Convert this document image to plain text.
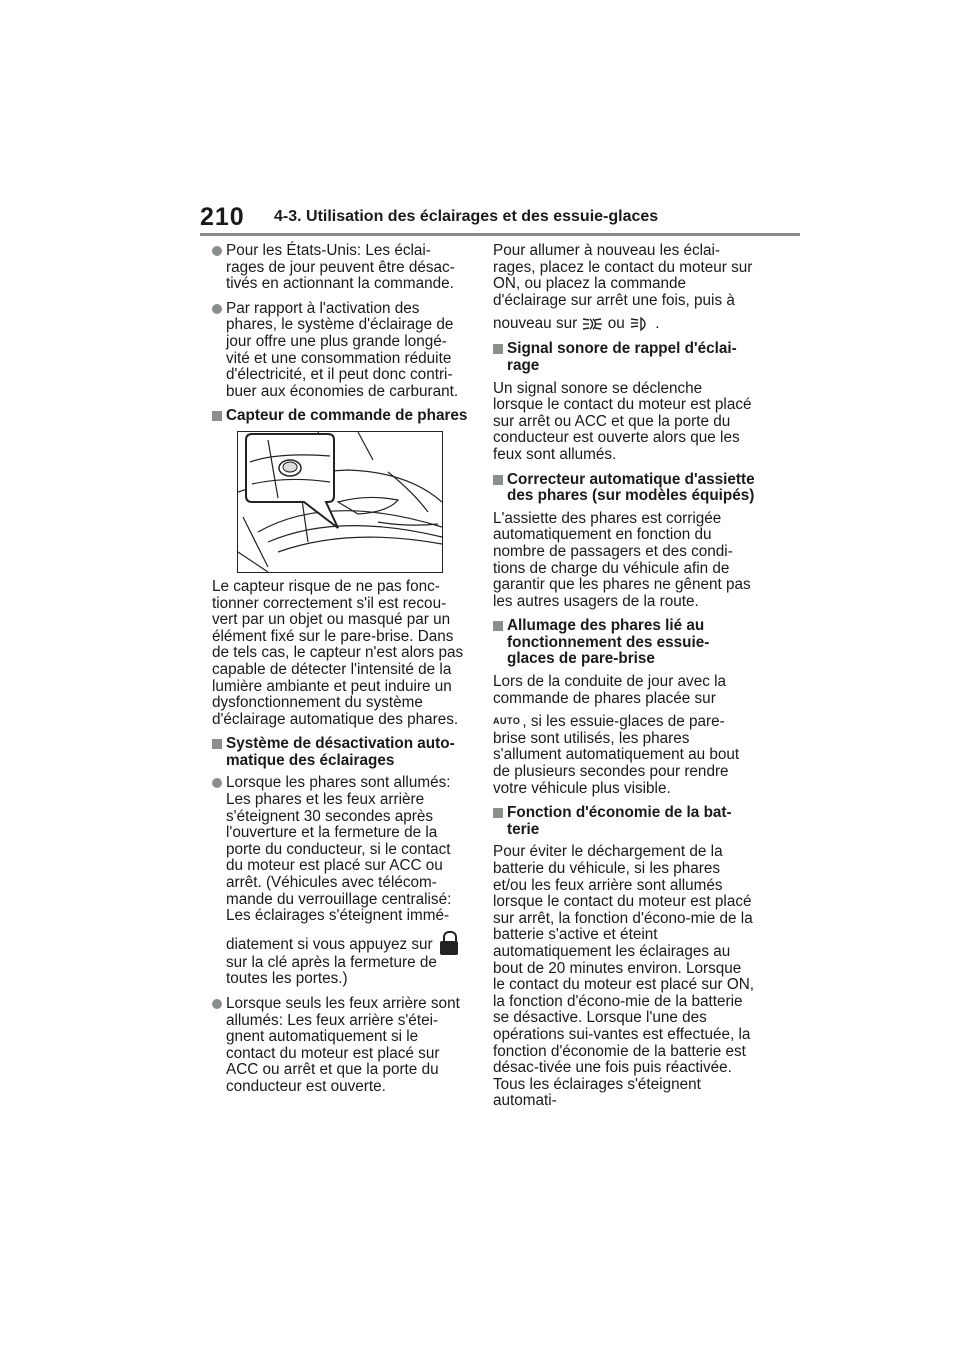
210 4-3. Utilisation des éclairages et des essuie-glaces
Pour les États-Unis: Les éclai-rages de jour peuvent être désac-tivés en actionnant la commande.
Par rapport à l'activation des phares, le système d'éclairage de jour offre une plus grande longé-vité et une consommation réduite d'électricité, et il peut donc contri-buer aux économies de carburant.
Capteur de commande de phares
Le capteur risque de ne pas fonc-tionner correctement s'il est recou-vert par un objet ou masqué par un élément fixé sur le pare-brise. Dans de tels cas, le capteur n'est alors pas capable de détecter l'intensité de la lumière ambiante et peut induire un dysfonctionnement du système d'éclairage automatique des phares.
Système de désactivation auto-matique des éclairages
Lorsque les phares sont allumés: Les phares et les feux arrière s'éteignent 30 secondes après l'ouverture et la fermeture de la porte du conducteur, si le contact du moteur est placé sur ACC ou arrêt. (Véhicules avec télécom-mande du verrouillage centralisé: Les éclairages s'éteignent immé-
diatement si vous appuyez sur
sur la clé après la fermeture de toutes les portes.)
Lorsque seuls les feux arrière sont allumés: Les feux arrière s'étei-gnent automatiquement si le contact du moteur est placé sur ACC ou arrêt et que la porte du conducteur est ouverte.
Pour allumer à nouveau les éclai-rages, placez le contact du moteur sur ON, ou placez la commande d'éclairage sur arrêt une fois, puis à
nouveau sur ou .
Signal sonore de rappel d'éclai-rage
Un signal sonore se déclenche lorsque le contact du moteur est placé sur arrêt ou ACC et que la porte du conducteur est ouverte alors que les feux sont allumés.
Correcteur automatique d'assiette des phares (sur modèles équipés)
L'assiette des phares est corrigée automatiquement en fonction du nombre de passagers et des condi-tions de charge du véhicule afin de garantir que les phares ne gênent pas les autres usagers de la route.
Allumage des phares lié au fonctionnement des essuie-glaces de pare-brise
Lors de la conduite de jour avec la commande de phares placée sur
AUTO , si les essuie-glaces de pare-brise sont utilisés, les phares s'allument automatiquement au bout de plusieurs secondes pour rendre votre véhicule plus visible.
Fonction d'économie de la bat-terie
Pour éviter le déchargement de la batterie du véhicule, si les phares et/ou les feux arrière sont allumés lorsque le contact du moteur est placé sur arrêt, la fonction d'écono-mie de la batterie s'active et éteint automatiquement les éclairages au bout de 20 minutes environ. Lorsque le contact du moteur est placé sur ON, la fonction d'écono-mie de la batterie se désactive. Lorsque l'une des opérations sui-vantes est effectuée, la fonction d'économie de la batterie est désac-tivée une fois puis réactivée. Tous les éclairages s'éteignent automati-
